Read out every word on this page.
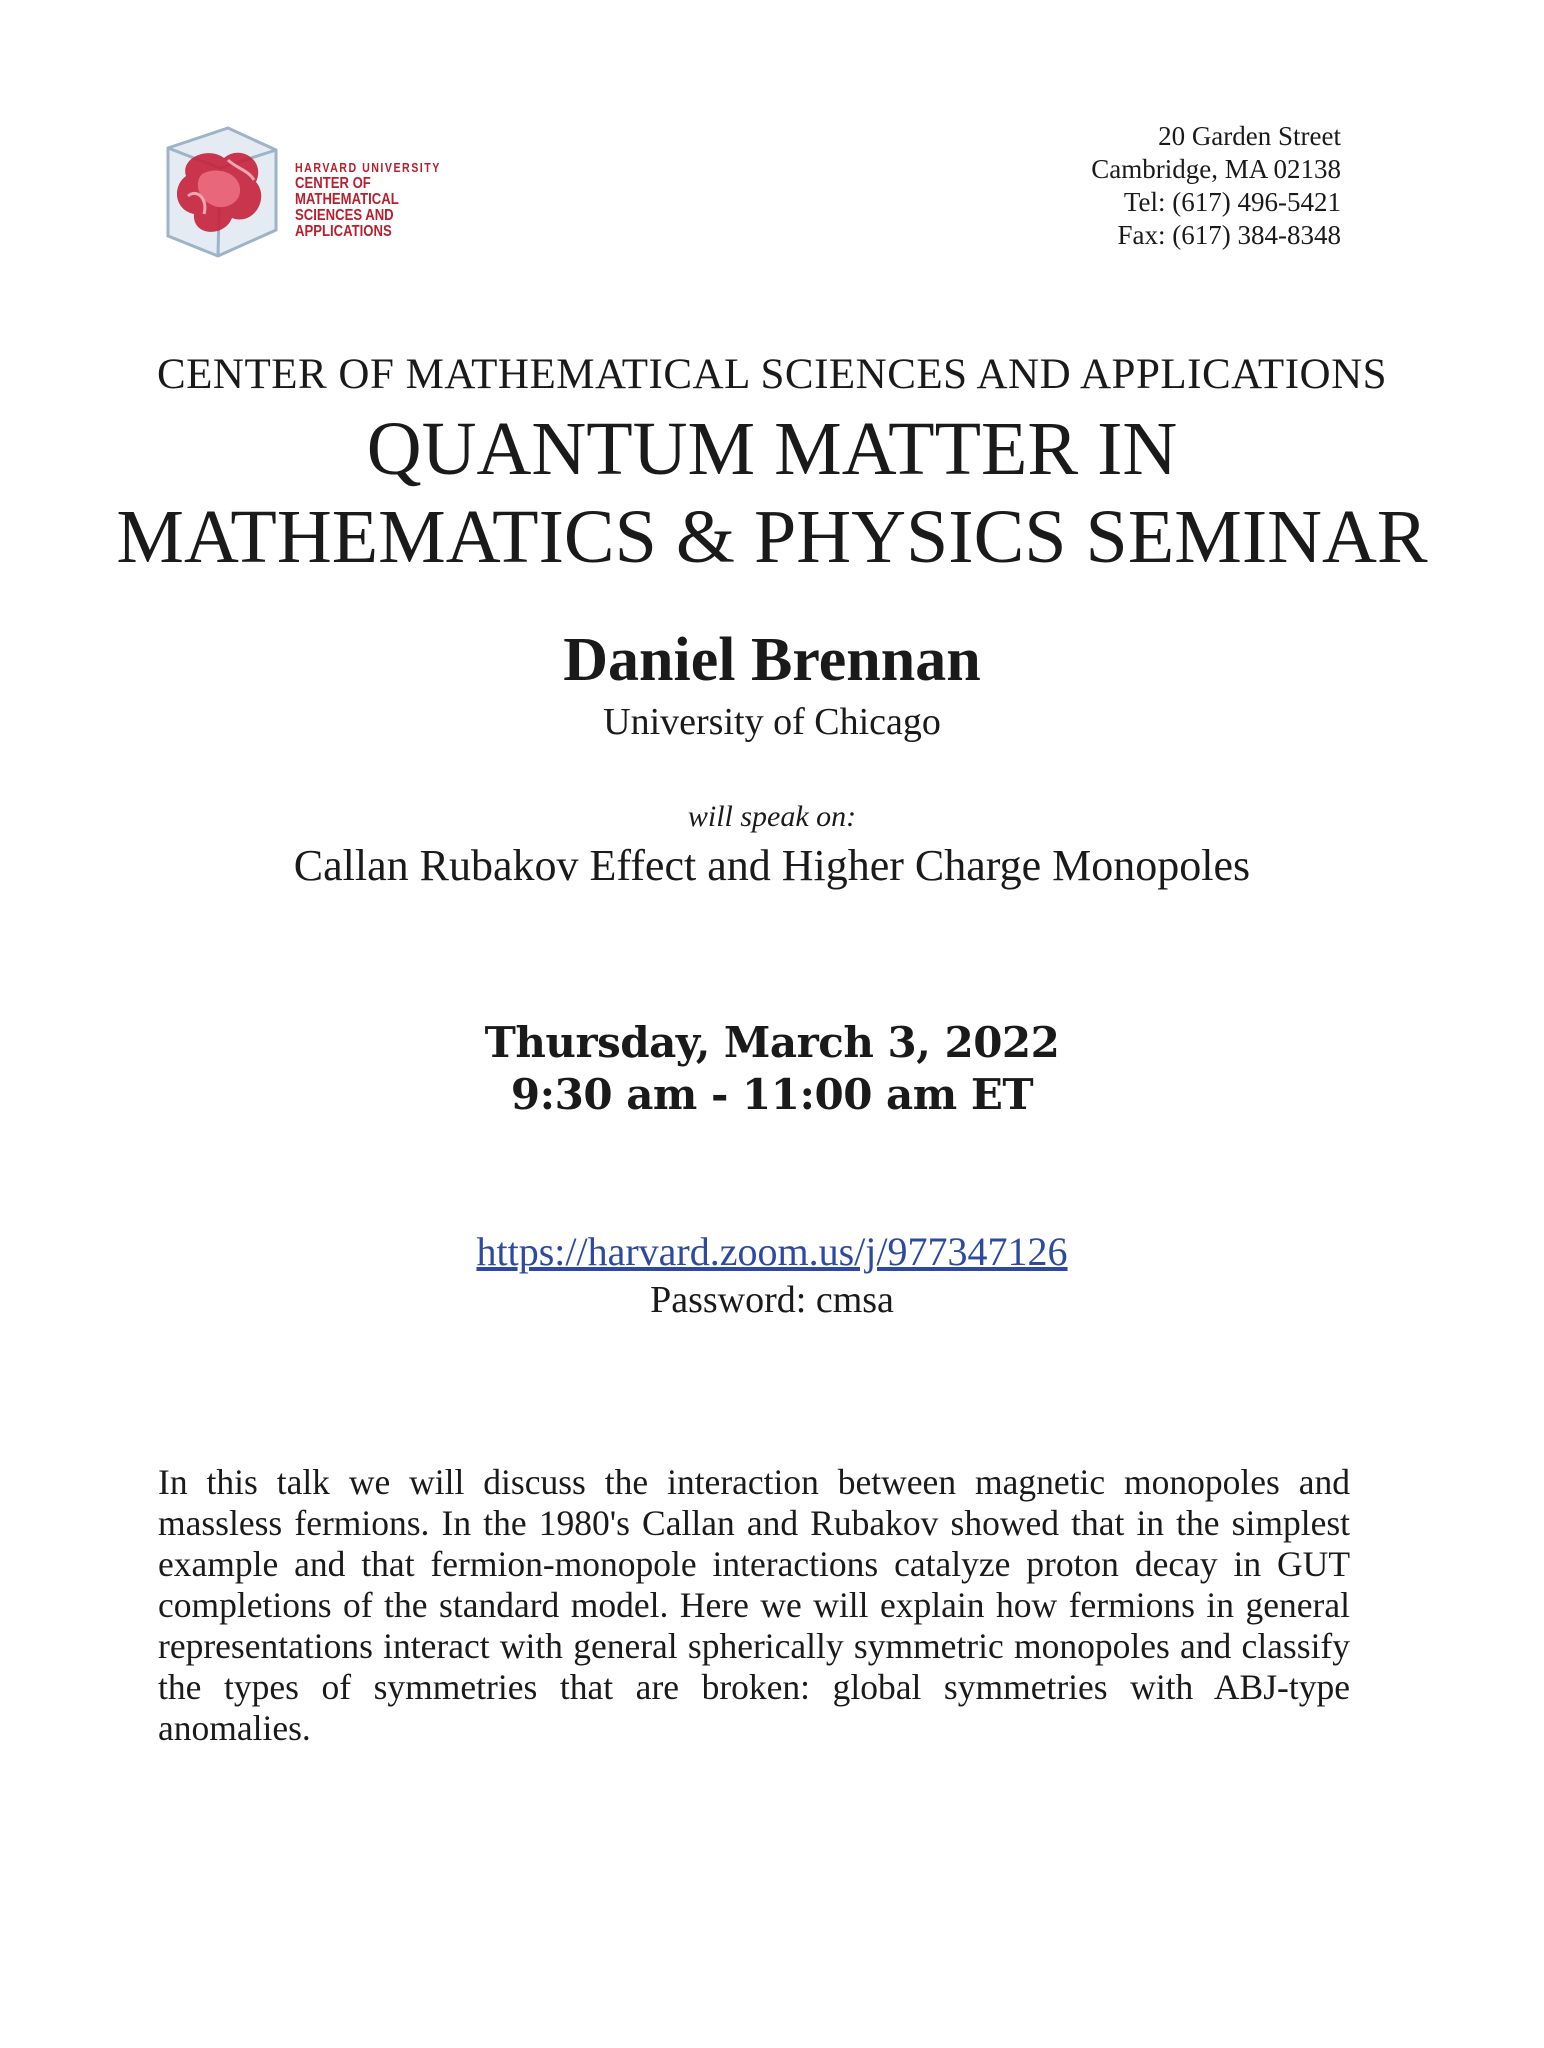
HARVARD UNIVERSITY
CENTER OF MATHEMATICAL
SCIENCES AND APPLICATIONS
20 Garden Street
Cambridge, MA 02138
Tel: (617) 496-5421
Fax: (617) 384-8348
CENTER OF MATHEMATICAL SCIENCES AND APPLICATIONS
QUANTUM MATTER IN
MATHEMATICS & PHYSICS SEMINAR
Daniel Brennan
University of Chicago
will speak on:
Callan Rubakov Effect and Higher Charge Monopoles
Thursday, March 3, 2022
9:30 am - 11:00 am ET
https://harvard.zoom.us/j/977347126
Password: cmsa
In this talk we will discuss the interaction between magnetic monopoles and massless fermions. In the 1980's Callan and Rubakov showed that in the simplest example and that fermion-monopole interactions catalyze proton decay in GUT completions of the standard model. Here we will explain how fermions in general representations interact with general spherically symmetric monopoles and classify the types of symmetries that are broken: global symmetries with ABJ-type anomalies.
